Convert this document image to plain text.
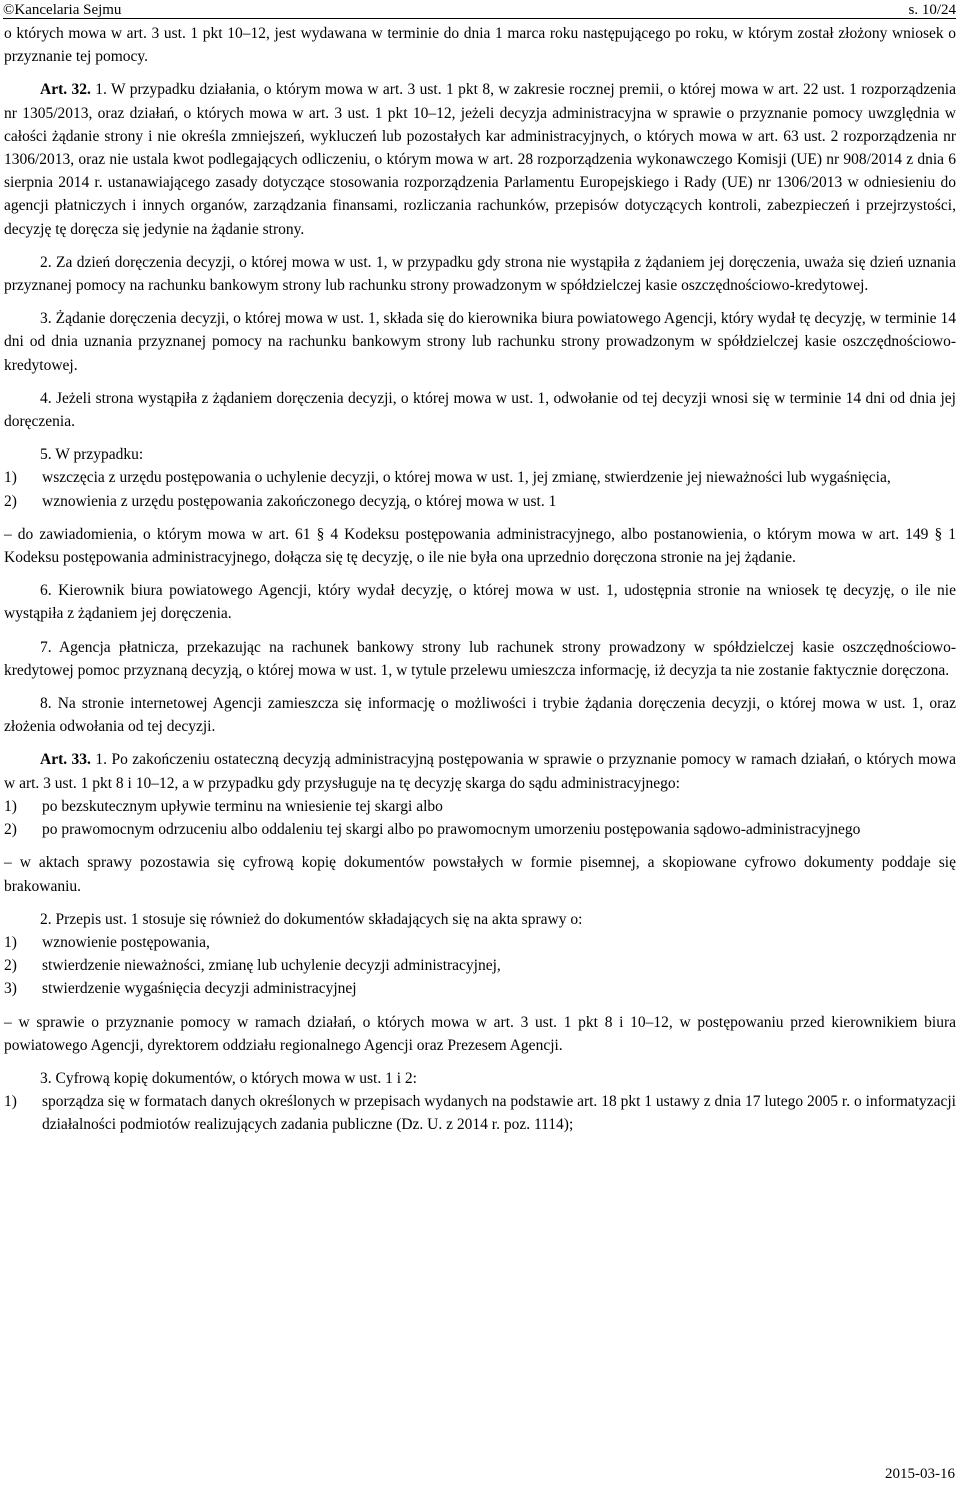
©Kancelaria Sejmu	s. 10/24

o których mowa w art. 3 ust. 1 pkt 10–12, jest wydawana w terminie do dnia 1 marca roku następującego po roku, w którym został złożony wniosek o przyznanie tej pomocy.

Art. 32. 1. W przypadku działania, o którym mowa w art. 3 ust. 1 pkt 8, w zakresie rocznej premii, o której mowa w art. 22 ust. 1 rozporządzenia nr 1305/2013, oraz działań, o których mowa w art. 3 ust. 1 pkt 10–12, jeżeli decyzja administracyjna w sprawie o przyznanie pomocy uwzględnia w całości żądanie strony i nie określa zmniejszeń, wykluczeń lub pozostałych kar administracyjnych, o których mowa w art. 63 ust. 2 rozporządzenia nr 1306/2013, oraz nie ustala kwot podlegających odliczeniu, o którym mowa w art. 28 rozporządzenia wykonawczego Komisji (UE) nr 908/2014 z dnia 6 sierpnia 2014 r. ustanawiającego zasady dotyczące stosowania rozporządzenia Parlamentu Europejskiego i Rady (UE) nr 1306/2013 w odniesieniu do agencji płatniczych i innych organów, zarządzania finansami, rozliczania rachunków, przepisów dotyczących kontroli, zabezpieczeń i przejrzystości, decyzję tę doręcza się jedynie na żądanie strony.

2. Za dzień doręczenia decyzji, o której mowa w ust. 1, w przypadku gdy strona nie wystąpiła z żądaniem jej doręczenia, uważa się dzień uznania przyznanej pomocy na rachunku bankowym strony lub rachunku strony prowadzonym w spółdzielczej kasie oszczędnościowo-kredytowej.

3. Żądanie doręczenia decyzji, o której mowa w ust. 1, składa się do kierownika biura powiatowego Agencji, który wydał tę decyzję, w terminie 14 dni od dnia uznania przyznanej pomocy na rachunku bankowym strony lub rachunku strony prowadzonym w spółdzielczej kasie oszczędnościowo-kredytowej.

4. Jeżeli strona wystąpiła z żądaniem doręczenia decyzji, o której mowa w ust. 1, odwołanie od tej decyzji wnosi się w terminie 14 dni od dnia jej doręczenia.

5. W przypadku:

1)	wszczęcia z urzędu postępowania o uchylenie decyzji, o której mowa w ust. 1, jej zmianę, stwierdzenie jej nieważności lub wygaśnięcia,
2)	wznowienia z urzędu postępowania zakończonego decyzją, o której mowa w ust. 1

– do zawiadomienia, o którym mowa w art. 61 § 4 Kodeksu postępowania administracyjnego, albo postanowienia, o którym mowa w art. 149 § 1 Kodeksu postępowania administracyjnego, dołącza się tę decyzję, o ile nie była ona uprzednio doręczona stronie na jej żądanie.

6. Kierownik biura powiatowego Agencji, który wydał decyzję, o której mowa w ust. 1, udostępnia stronie na wniosek tę decyzję, o ile nie wystąpiła z żądaniem jej doręczenia.

7. Agencja płatnicza, przekazując na rachunek bankowy strony lub rachunek strony prowadzony w spółdzielczej kasie oszczędnościowo-kredytowej pomoc przyznaną decyzją, o której mowa w ust. 1, w tytule przelewu umieszcza informację, iż decyzja ta nie zostanie faktycznie doręczona.

8. Na stronie internetowej Agencji zamieszcza się informację o możliwości i trybie żądania doręczenia decyzji, o której mowa w ust. 1, oraz złożenia odwołania od tej decyzji.

Art. 33. 1. Po zakończeniu ostateczną decyzją administracyjną postępowania w sprawie o przyznanie pomocy w ramach działań, o których mowa w art. 3 ust. 1 pkt 8 i 10–12, a w przypadku gdy przysługuje na tę decyzję skarga do sądu administracyjnego:

1)	po bezskutecznym upływie terminu na wniesienie tej skargi albo
2)	po prawomocnym odrzuceniu albo oddaleniu tej skargi albo po prawomocnym umorzeniu postępowania sądowo-administracyjnego

– w aktach sprawy pozostawia się cyfrową kopię dokumentów powstałych w formie pisemnej, a skopiowane cyfrowo dokumenty poddaje się brakowaniu.

2. Przepis ust. 1 stosuje się również do dokumentów składających się na akta sprawy o:

1)	wznowienie postępowania,
2)	stwierdzenie nieważności, zmianę lub uchylenie decyzji administracyjnej,
3)	stwierdzenie wygaśnięcia decyzji administracyjnej

– w sprawie o przyznanie pomocy w ramach działań, o których mowa w art. 3 ust. 1 pkt 8 i 10–12, w postępowaniu przed kierownikiem biura powiatowego Agencji, dyrektorem oddziału regionalnego Agencji oraz Prezesem Agencji.

3. Cyfrową kopię dokumentów, o których mowa w ust. 1 i 2:

1)	sporządza się w formatach danych określonych w przepisach wydanych na podstawie art. 18 pkt 1 ustawy z dnia 17 lutego 2005 r. o informatyzacji działalności podmiotów realizujących zadania publiczne (Dz. U. z 2014 r. poz. 1114);
2015-03-16
